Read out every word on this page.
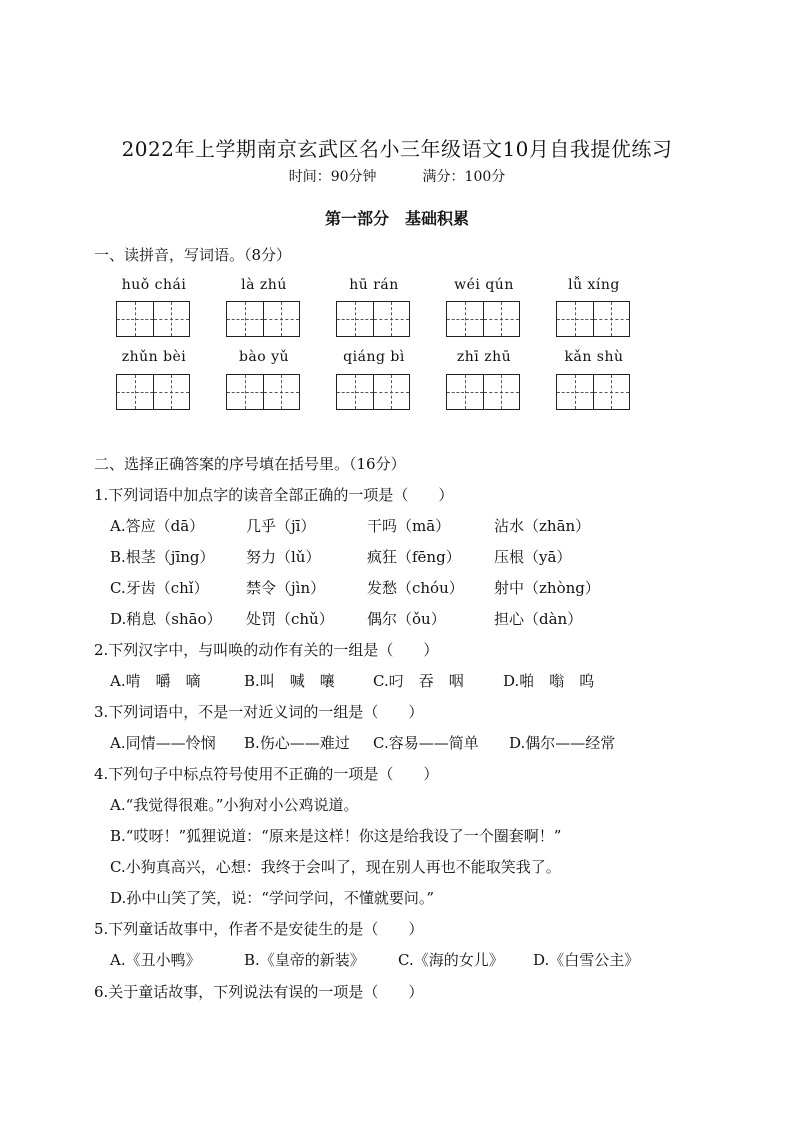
2022年上学期南京玄武区名小三年级语文10月自我提优练习
时间：90分钟	满分：100分
第一部分　基础积累
一、读拼音，写词语。（8分）
huǒ chái	là zhú	hū rán	wéi qún	lǚ xíng
zhǔn bèi	bào yǔ	qiáng bì	zhī zhū	kǎn shù
二、选择正确答案的序号填在括号里。（16分）
1.下列词语中加点字的读音全部正确的一项是（　　）
A.答应（dā）	几乎（jī）	干吗（mā）	沾水（zhān）
B.根茎（jīng） 努力（lǔ）	疯狂（fēng） 压根（yā）
C.牙齿（chǐ） 禁令（jìn）	发愁（chóu） 射中（zhòng）
D.稍息（shāo） 处罚（chǔ） 偶尔（ǒu）	担心（dàn）
2.下列汉字中，与叫唤的动作有关的一组是（　　）
A.啃　嚼　嘀	B.叫　喊　嚷	C.叼　吞　咽	D.啪　嗡　呜
3.下列词语中，不是一对近义词的一组是（　　）
A.同情——怜悯 B.伤心——难过 C.容易——简单 D.偶尔——经常
4.下列句子中标点符号使用不正确的一项是（　　）
A.“我觉得很难。”小狗对小公鸡说道。
B.“哎呀！”狐狸说道：“原来是这样！你这是给我设了一个圈套啊！”
C.小狗真高兴，心想：我终于会叫了，现在别人再也不能取笑我了。
D.孙中山笑了笑，说：“学问学问，不懂就要问。”
5.下列童话故事中，作者不是安徒生的是（　　）
A.《丑小鸭》	B.《皇帝的新装》 C.《海的女儿》 D.《白雪公主》
6.关于童话故事，下列说法有误的一项是（　　）
